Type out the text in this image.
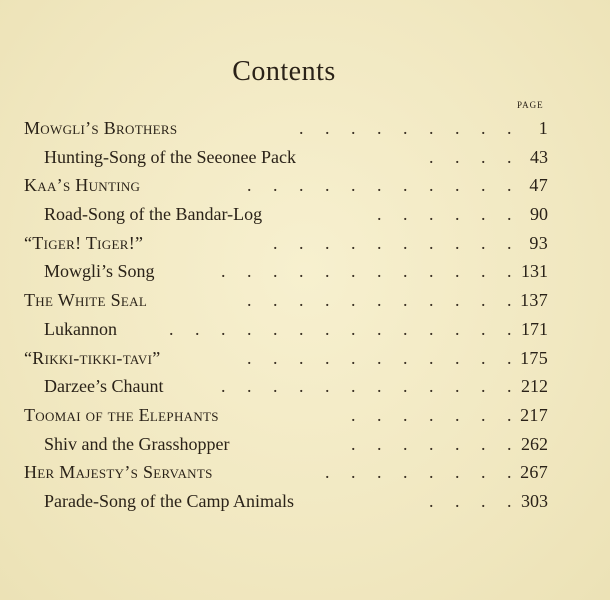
Contents
PAGE
Mowgli’s Brothers	. . . . . . . . . 1
Hunting-Song of the Seeonee Pack	. . . . 43
Kaa’s Hunting	. . . . . . . . . . . 47
Road-Song of the Bandar-Log	. . . . . . 90
“Tiger! Tiger!”	. . . . . . . . . . 93
Mowgli’s Song	. . . . . . . . . . . . 131
The White Seal	. . . . . . . . . . . 137
Lukannon	. . . . . . . . . . . . . . 171
“Rikki-tikki-tavi”	. . . . . . . . . . . 175
Darzee’s Chaunt	. . . . . . . . . . . . 212
Toomai of the Elephants	. . . . . . . 217
Shiv and the Grasshopper	. . . . . . . 262
Her Majesty’s Servants	. . . . . . . . 267
Parade-Song of the Camp Animals	. . . . 303
